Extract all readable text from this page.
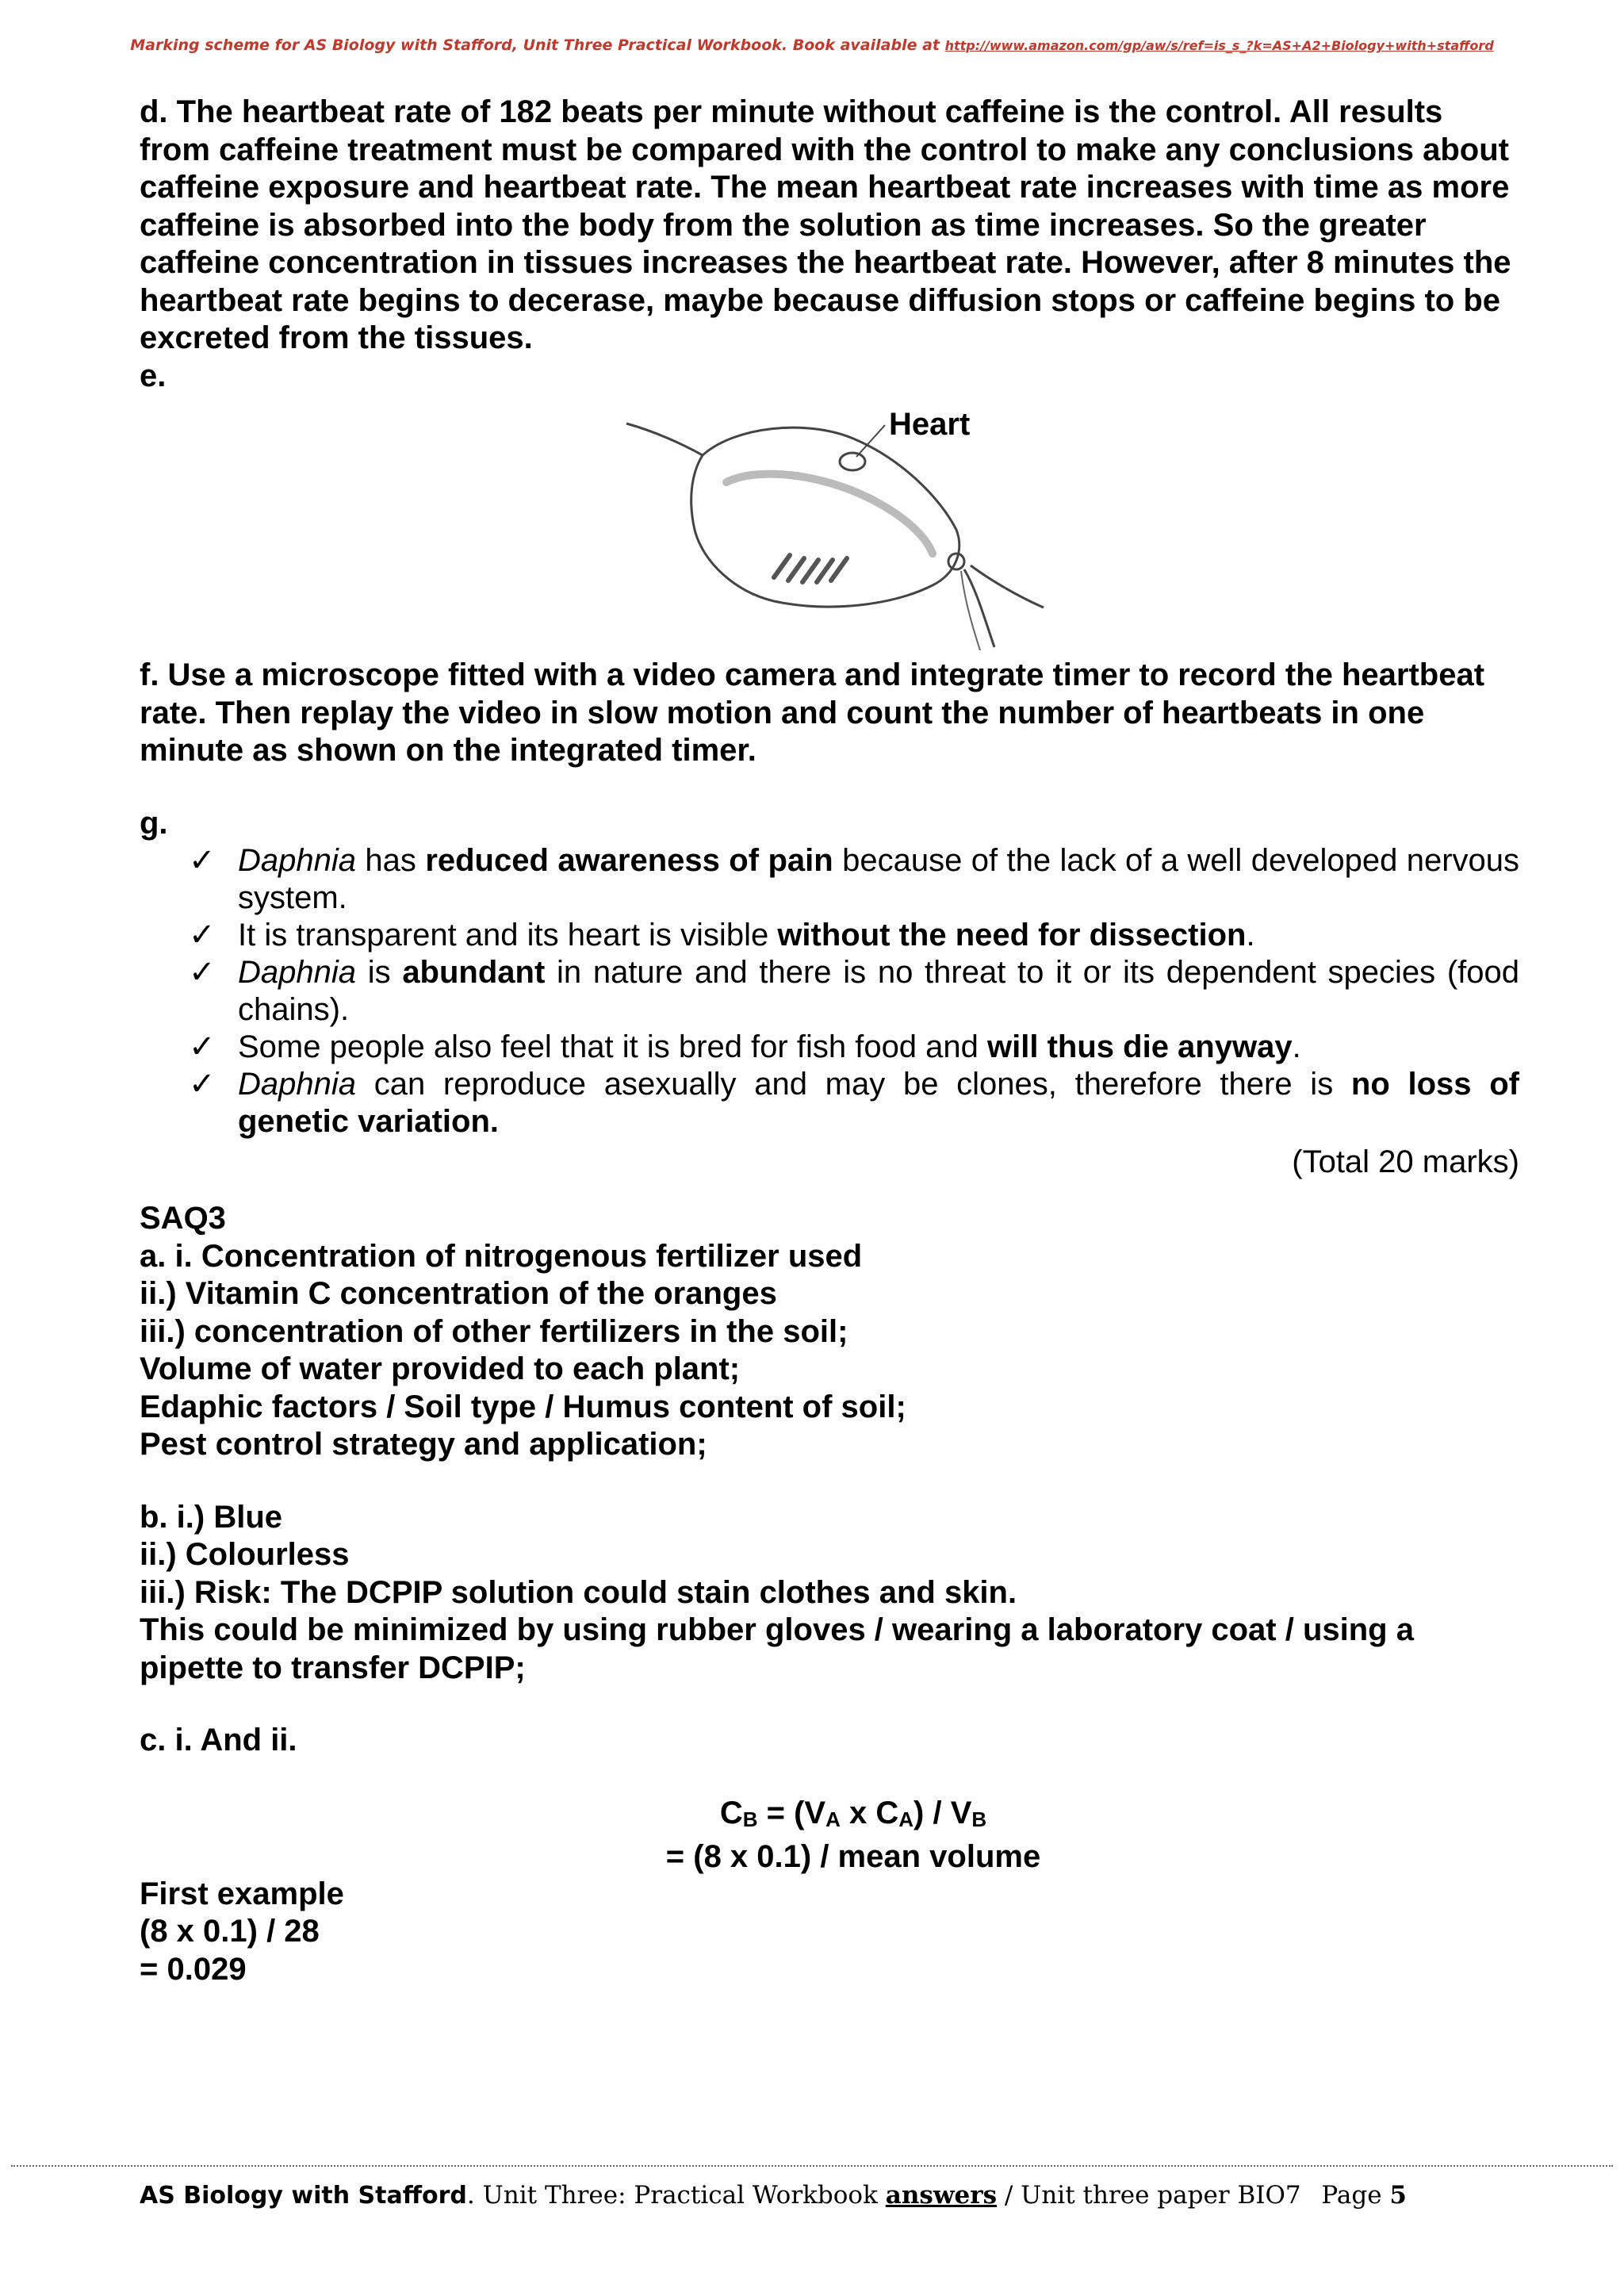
Marking scheme for AS Biology with Stafford, Unit Three Practical Workbook. Book available at http://www.amazon.com/gp/aw/s/ref=is_s_?k=AS+A2+Biology+with+stafford

d. The heartbeat rate of 182 beats per minute without caffeine is the control. All results from caffeine treatment must be compared with the control to make any conclusions about caffeine exposure and heartbeat rate. The mean heartbeat rate increases with time as more caffeine is absorbed into the body from the solution as time increases. So the greater caffeine concentration in tissues increases the heartbeat rate. However, after 8 minutes the heartbeat rate begins to decerase, maybe because diffusion stops or caffeine begins to be excreted from the tissues.

e.

Heart

f. Use a microscope fitted with a video camera and integrate timer to record the heartbeat rate. Then replay the video in slow motion and count the number of heartbeats in one minute as shown on the integrated timer.

g.

✓ Daphnia has reduced awareness of pain because of the lack of a well developed nervous system.
✓ It is transparent and its heart is visible without the need for dissection.
✓ Daphnia is abundant in nature and there is no threat to it or its dependent species (food chains).
✓ Some people also feel that it is bred for fish food and will thus die anyway.
✓ Daphnia can reproduce asexually and may be clones, therefore there is no loss of genetic variation.

(Total 20 marks)

SAQ3

a. i. Concentration of nitrogenous fertilizer used

ii.) Vitamin C concentration of the oranges

iii.) concentration of other fertilizers in the soil;

Volume of water provided to each plant;

Edaphic factors / Soil type / Humus content of soil;

Pest control strategy and application;

b. i.) Blue

ii.) Colourless

iii.) Risk: The DCPIP solution could stain clothes and skin.

This could be minimized by using rubber gloves / wearing a laboratory coat / using a pipette to transfer DCPIP;

c. i. And ii.

$C_B = (V_A$ x $C_A) / V_B$
= (8 x 0.1) / mean volume

First example

(8 x 0.1) / 28

= 0.029

AS Biology with Stafford. Unit Three: Practical Workbook answers / Unit three paper BIO7 Page 5
